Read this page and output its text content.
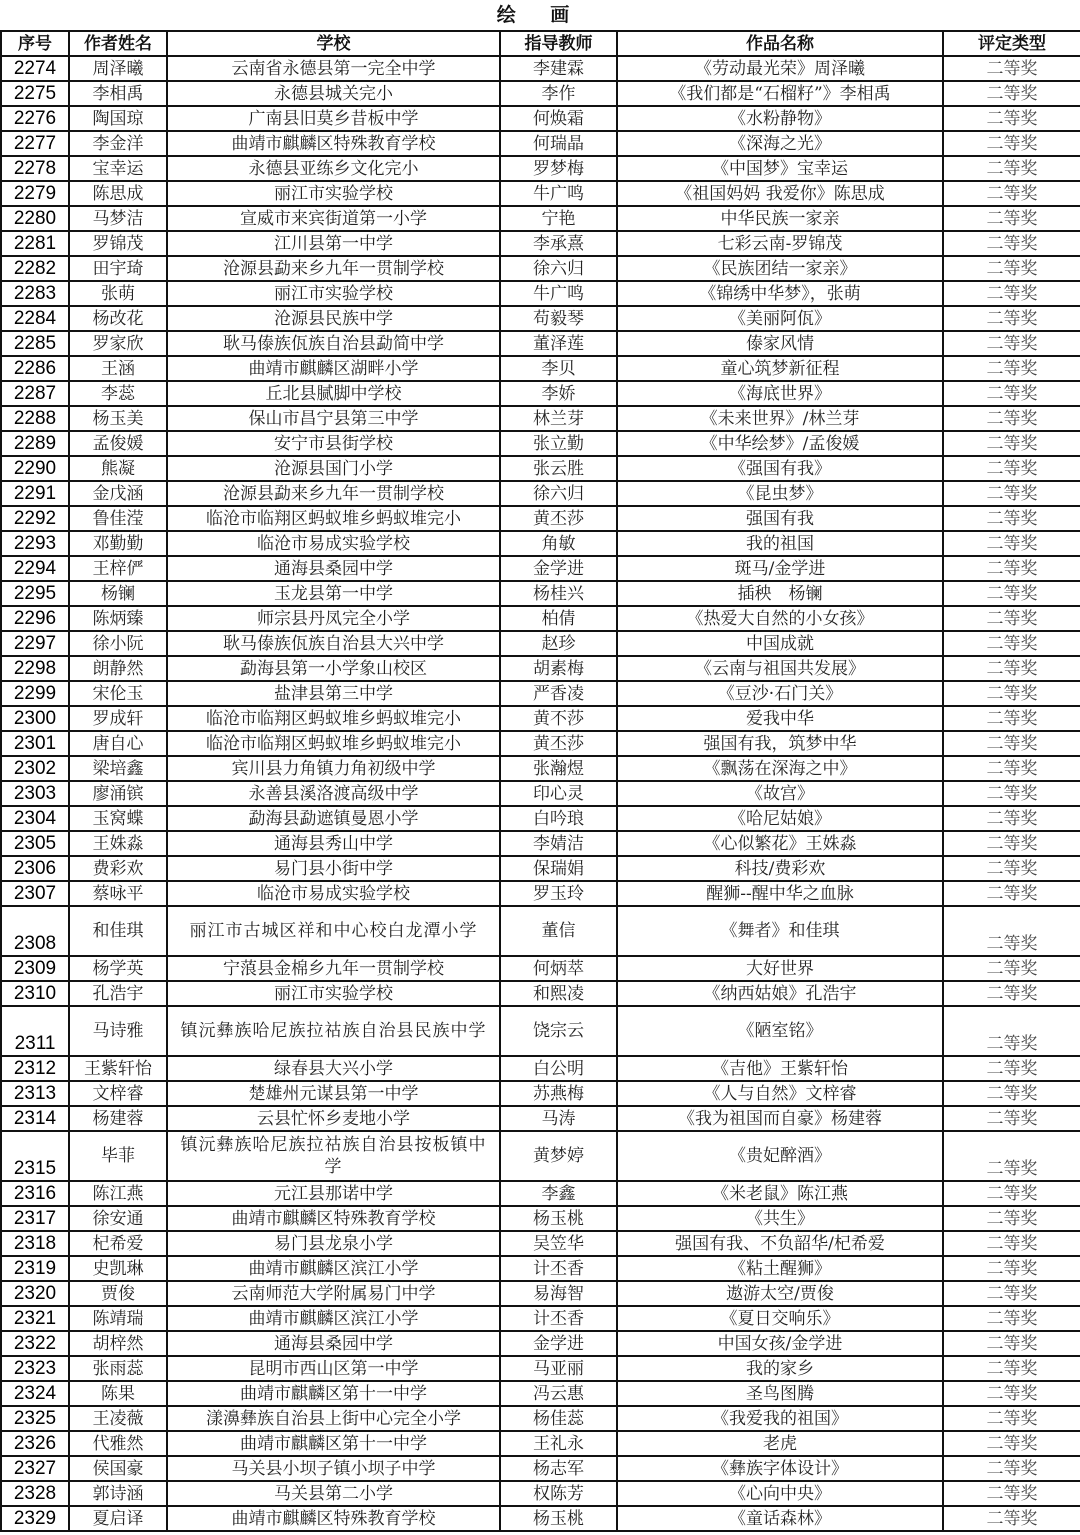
绘 画
序号	作者姓名	学校	指导教师	作品名称	评定类型
2274	周泽曦	云南省永德县第一完全中学	李建霖	《劳动最光荣》周泽曦	二等奖
2275	李相禹	永德县城关完小	李作	《我们都是“石榴籽”》李相禹	二等奖
2276	陶国琼	广南县旧莫乡昔板中学	何焕霜	《水粉静物》	二等奖
2277	李金洋	曲靖市麒麟区特殊教育学校	何瑞晶	《深海之光》	二等奖
2278	宝幸运	永德县亚练乡文化完小	罗梦梅	《中国梦》宝幸运	二等奖
2279	陈思成	丽江市实验学校	牛广鸣	《祖国妈妈 我爱你》陈思成	二等奖
2280	马梦洁	宣威市来宾街道第一小学	宁艳	中华民族一家亲	二等奖
2281	罗锦茂	江川县第一中学	李承熹	七彩云南-罗锦茂	二等奖
2282	田宇琦	沧源县勐来乡九年一贯制学校	徐六归	《民族团结一家亲》	二等奖
2283	张萌	丽江市实验学校	牛广鸣	《锦绣中华梦》，张萌	二等奖
2284	杨改花	沧源县民族中学	苟毅琴	《美丽阿佤》	二等奖
2285	罗家欣	耿马傣族佤族自治县勐简中学	董泽莲	傣家风情	二等奖
2286	王涵	曲靖市麒麟区湖畔小学	李贝	童心筑梦新征程	二等奖
2287	李蕊	丘北县腻脚中学校	李娇	《海底世界》	二等奖
2288	杨玉美	保山市昌宁县第三中学	林兰芽	《未来世界》/林兰芽	二等奖
2289	孟俊媛	安宁市县街学校	张立勤	《中华绘梦》/孟俊媛	二等奖
2290	熊凝	沧源县国门小学	张云胜	《强国有我》	二等奖
2291	金戊涵	沧源县勐来乡九年一贯制学校	徐六归	《昆虫梦》	二等奖
2292	鲁佳滢	临沧市临翔区蚂蚁堆乡蚂蚁堆完小	黄丕莎	强国有我	二等奖
2293	邓勤勤	临沧市易成实验学校	角敏	我的祖国	二等奖
2294	王梓俨	通海县桑园中学	金学进	斑马/金学进	二等奖
2295	杨镧	玉龙县第一中学	杨桂兴	插秧　杨镧	二等奖
2296	陈炳臻	师宗县丹凤完全小学	柏倩	《热爱大自然的小女孩》	二等奖
2297	徐小阮	耿马傣族佤族自治县大兴中学	赵珍	中国成就	二等奖
2298	朗静然	勐海县第一小学象山校区	胡素梅	《云南与祖国共发展》	二等奖
2299	宋伦玉	盐津县第三中学	严香凌	《豆沙·石门关》	二等奖
2300	罗成轩	临沧市临翔区蚂蚁堆乡蚂蚁堆完小	黄不莎	爱我中华	二等奖
2301	唐自心	临沧市临翔区蚂蚁堆乡蚂蚁堆完小	黄丕莎	强国有我，筑梦中华	二等奖
2302	梁培鑫	宾川县力角镇力角初级中学	张瀚煜	《飘荡在深海之中》	二等奖
2303	廖涌镔	永善县溪洛渡高级中学	印心灵	《故宫》	二等奖
2304	玉窝蝶	勐海县勐遮镇曼恩小学	白吟琅	《哈尼姑娘》	二等奖
2305	王姝淼	通海县秀山中学	李婧洁	《心似繁花》王姝淼	二等奖
2306	费彩欢	易门县小街中学	保瑞娟	科技/费彩欢	二等奖
2307	蔡咏平	临沧市易成实验学校	罗玉玲	醒狮--醒中华之血脉	二等奖
2308	和佳琪	丽江市古城区祥和中心校白龙潭小学	董信	《舞者》和佳琪	二等奖
2309	杨学英	宁蒗县金棉乡九年一贯制学校	何炳萃	大好世界	二等奖
2310	孔浩宇	丽江市实验学校	和熙凌	《纳西姑娘》孔浩宇	二等奖
2311	马诗雅	镇沅彝族哈尼族拉祜族自治县民族中学	饶宗云	《陋室铭》	二等奖
2312	王紫轩怡	绿春县大兴小学	白公明	《吉他》王紫轩怡	二等奖
2313	文梓睿	楚雄州元谋县第一中学	苏燕梅	《人与自然》文梓睿	二等奖
2314	杨建蓉	云县忙怀乡麦地小学	马涛	《我为祖国而自豪》杨建蓉	二等奖
2315	毕菲	镇沅彝族哈尼族拉祜族自治县按板镇中学	黄梦婷	《贵妃醉酒》	二等奖
2316	陈江燕	元江县那诺中学	李鑫	《米老鼠》陈江燕	二等奖
2317	徐安通	曲靖市麒麟区特殊教育学校	杨玉桃	《共生》	二等奖
2318	杞希爱	易门县龙泉小学	吴笠华	强国有我、不负韶华/杞希爱	二等奖
2319	史凯琳	曲靖市麒麟区滨江小学	计丕香	《粘土醒狮》	二等奖
2320	贾俊	云南师范大学附属易门中学	易海智	遨游太空/贾俊	二等奖
2321	陈靖瑞	曲靖市麒麟区滨江小学	计丕香	《夏日交响乐》	二等奖
2322	胡梓然	通海县桑园中学	金学进	中国女孩/金学进	二等奖
2323	张雨蕊	昆明市西山区第一中学	马亚丽	我的家乡	二等奖
2324	陈果	曲靖市麒麟区第十一中学	冯云惠	圣鸟图腾	二等奖
2325	王凌薇	漾濞彝族自治县上街中心完全小学	杨佳蕊	《我爱我的祖国》	二等奖
2326	代雅然	曲靖市麒麟区第十一中学	王礼永	老虎	二等奖
2327	侯国豪	马关县小坝子镇小坝子中学	杨志军	《彝族字体设计》	二等奖
2328	郭诗涵	马关县第二小学	权陈芳	《心向中央》	二等奖
2329	夏启译	曲靖市麒麟区特殊教育学校	杨玉桃	《童话森林》	二等奖
